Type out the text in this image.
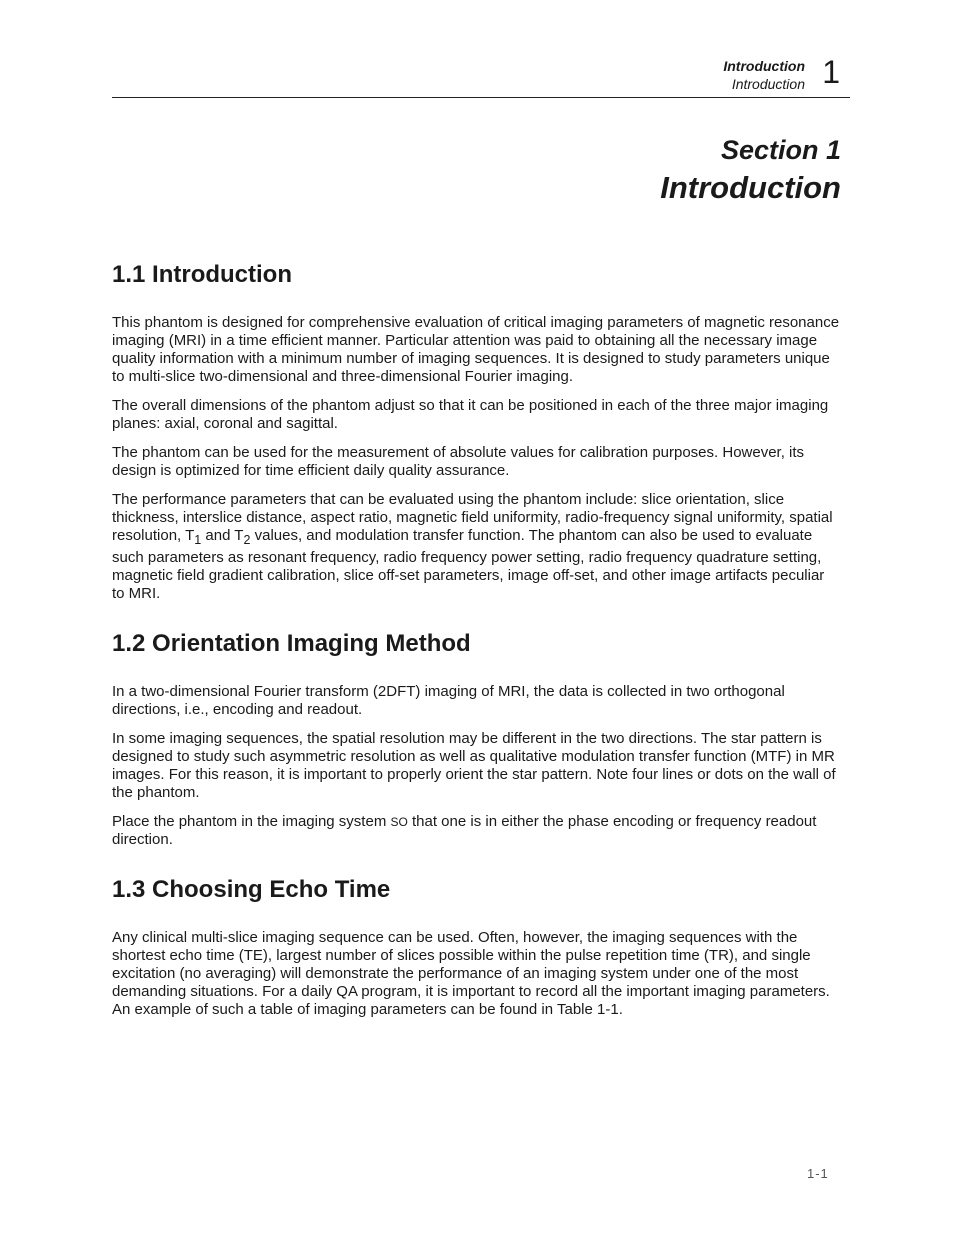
Introduction
Introduction 1
Section 1
Introduction
1.1 Introduction

This phantom is designed for comprehensive evaluation of critical imaging parameters of magnetic resonance imaging (MRI) in a time efficient manner. Particular attention was paid to obtaining all the necessary image quality information with a minimum number of imaging sequences. It is designed to study parameters unique to multi-slice two-dimensional and three-dimensional Fourier imaging.

The overall dimensions of the phantom adjust so that it can be positioned in each of the three major imaging planes: axial, coronal and sagittal.

The phantom can be used for the measurement of absolute values for calibration purposes. However, its design is optimized for time efficient daily quality assurance.

The performance parameters that can be evaluated using the phantom include: slice orientation, slice thickness, interslice distance, aspect ratio, magnetic field uniformity, radio-frequency signal uniformity, spatial resolution, $T_1$ and $T_2$ values, and modulation transfer function. The phantom can also be used to evaluate such parameters as resonant frequency, radio frequency power setting, radio frequency quadrature setting, magnetic field gradient calibration, slice off-set parameters, image off-set, and other image artifacts peculiar to MRI.

1.2 Orientation Imaging Method

In a two-dimensional Fourier transform (2DFT) imaging of MRI, the data is collected in two orthogonal directions, i.e., encoding and readout.

In some imaging sequences, the spatial resolution may be different in the two directions. The star pattern is designed to study such asymmetric resolution as well as qualitative modulation transfer function (MTF) in MR images. For this reason, it is important to properly orient the star pattern. Note four lines or dots on the wall of the phantom.

Place the phantom in the imaging system SO that one is in either the phase encoding or frequency readout direction.

1.3 Choosing Echo Time

Any clinical multi-slice imaging sequence can be used. Often, however, the imaging sequences with the shortest echo time (TE), largest number of slices possible within the pulse repetition time (TR), and single excitation (no averaging) will demonstrate the performance of an imaging system under one of the most demanding situations. For a daily QA program, it is important to record all the important imaging parameters. An example of such a table of imaging parameters can be found in Table 1-1.

1-1
